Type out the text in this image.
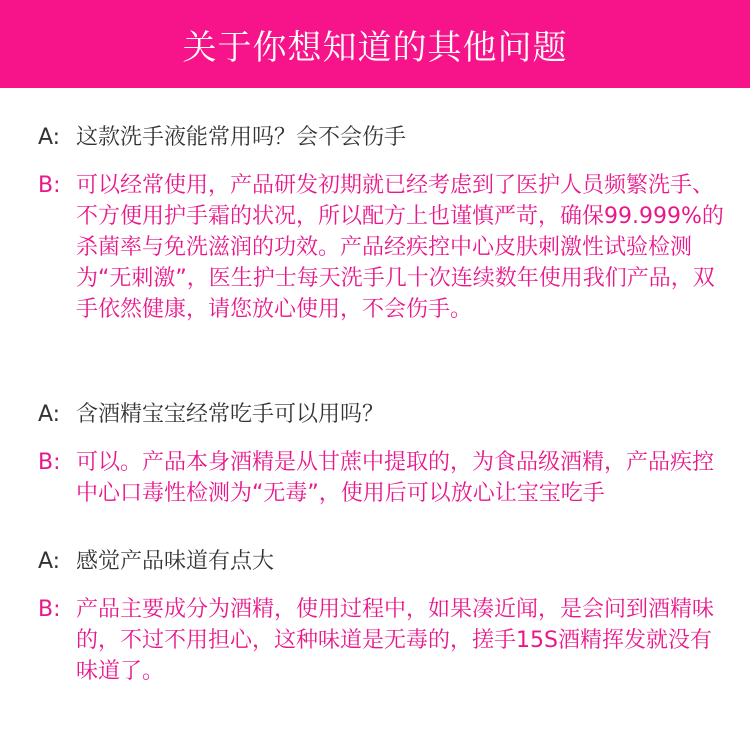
关于你想知道的其他问题
A: 这款洗手液能常用吗？会不会伤手
B: 可以经常使用，产品研发初期就已经考虑到了医护人员频繁洗手、不方便用护手霜的状况，所以配方上也谨慎严苛，确保99.999%的杀菌率与免洗滋润的功效。产品经疾控中心皮肤刺激性试验检测为“无刺激”，医生护士每天洗手几十次连续数年使用我们产品，双手依然健康，请您放心使用，不会伤手。
A: 含酒精宝宝经常吃手可以用吗？
B: 可以。产品本身酒精是从甘蔗中提取的，为食品级酒精，产品疾控中心口毒性检测为“无毒”，使用后可以放心让宝宝吃手
A: 感觉产品味道有点大
B: 产品主要成分为酒精，使用过程中，如果凑近闻，是会问到酒精味的，不过不用担心，这种味道是无毒的，搓手15S酒精挥发就没有味道了。
